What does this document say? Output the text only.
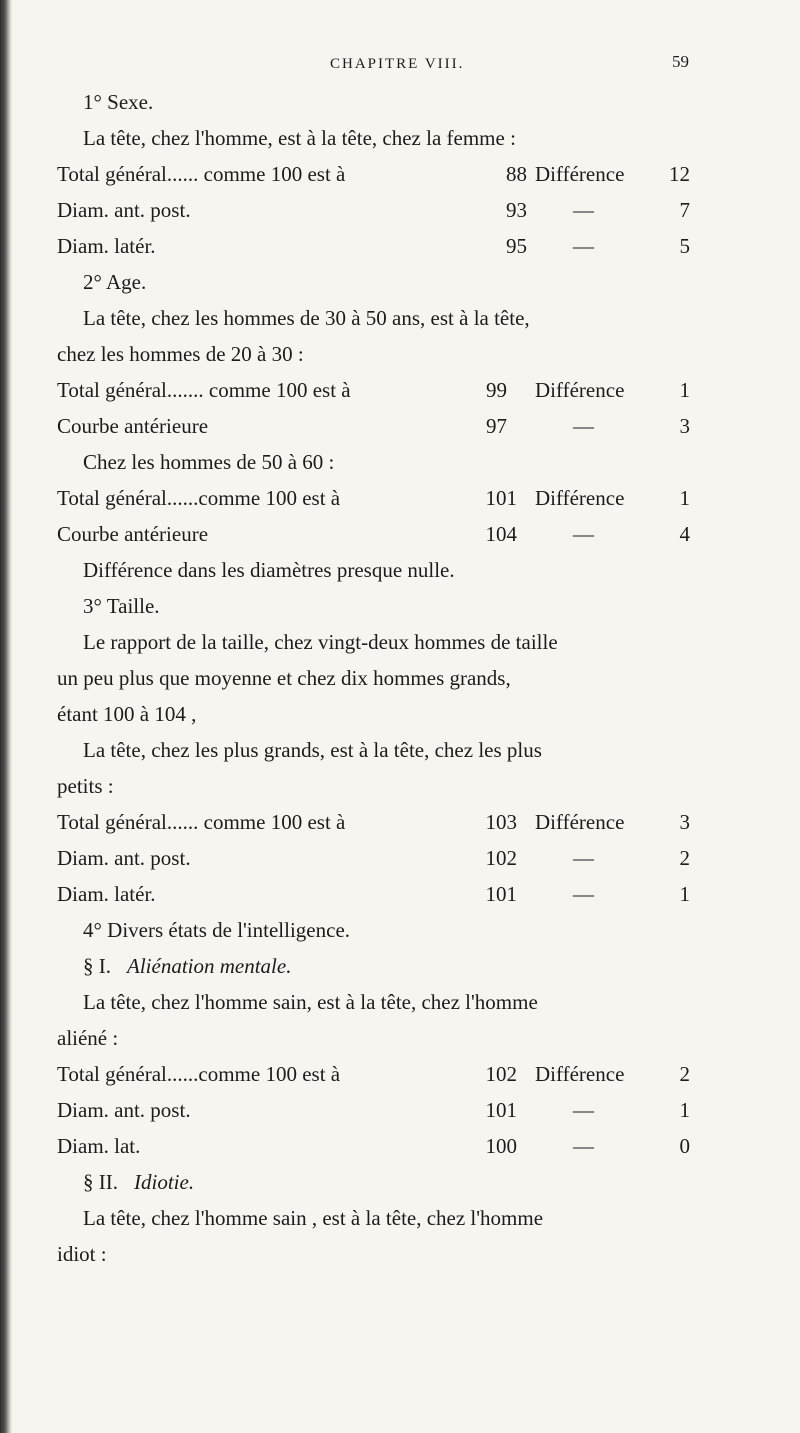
CHAPITRE VIII.	59
1° Sexe.
La tête, chez l'homme, est à la tête, chez la femme :
Total général...... comme 100 est à	88 Différence	12
Diam. ant. post.	93 —	7
Diam. latér.	95 —	5
2° Age.
La tête, chez les hommes de 30 à 50 ans, est à la tête,
chez les hommes de 20 à 30 :
Total général....... comme 100 est à	99 Différence	1
Courbe antérieure	97	—	3
Chez les hommes de 50 à 60 :
Total général......comme 100 est à	101 Différence	1
Courbe antérieure	104	—	4
Différence dans les diamètres presque nulle.
3° Taille.
Le rapport de la taille, chez vingt-deux hommes de taille
un peu plus que moyenne et chez dix hommes grands,
étant 100 à 104 ,
La tête, chez les plus grands, est à la tête, chez les plus
petits :
Total général...... comme 100 est à	103 Différence	3
Diam. ant. post.	102	—	2
Diam. latér.	101	—	1
4° Divers états de l'intelligence.
§ I. Aliénation mentale.
La tête, chez l'homme sain, est à la tête, chez l'homme
aliéné :
Total général......comme 100 est à	102 Différence	2
Diam. ant. post.	101	—	1
Diam. lat.	100	—	0
§ II. Idiotie.
La tête, chez l'homme sain , est à la tête, chez l'homme
idiot :
